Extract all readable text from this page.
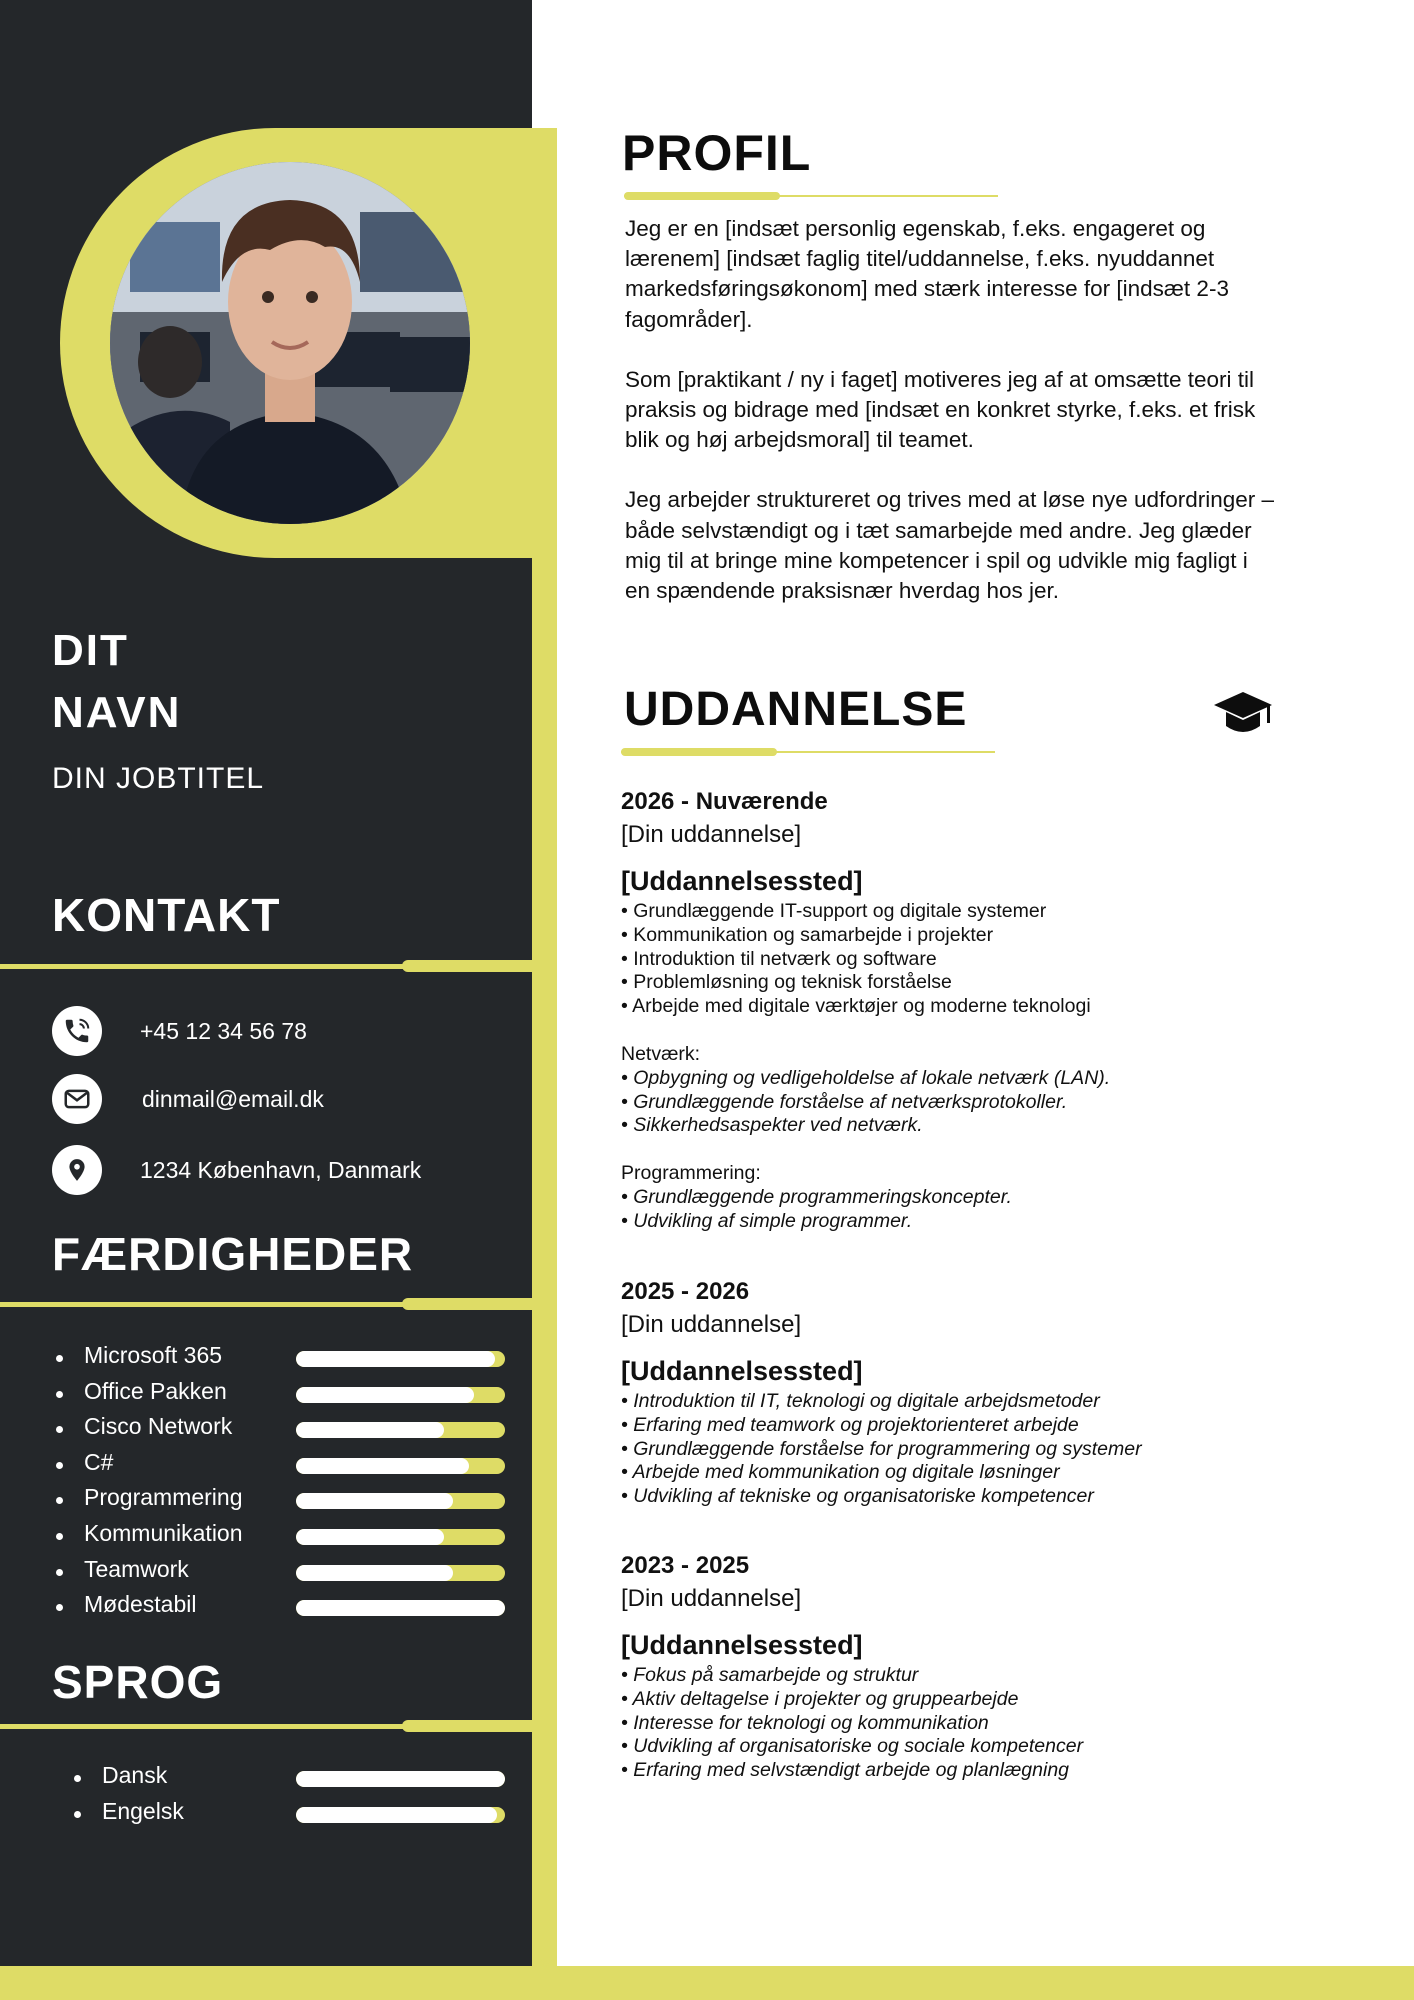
DIT
NAVN
DIN JOBTITEL
KONTAKT
+45 12 34 56 78
dinmail@email.dk
1234 København, Danmark
FÆRDIGHEDER
Microsoft 365
Office Pakken
Cisco Network
C#
Programmering
Kommunikation
Teamwork
Mødestabil
SPROG
Dansk
Engelsk
PROFIL

Jeg er en [indsæt personlig egenskab, f.eks. engageret og lærenem] [indsæt faglig titel/uddannelse, f.eks. nyuddannet markedsføringsøkonom] med stærk interesse for [indsæt 2-3 fagområder].

Som [praktikant / ny i faget] motiveres jeg af at omsætte teori til praksis og bidrage med [indsæt en konkret styrke, f.eks. et frisk blik og høj arbejdsmoral] til teamet.

Jeg arbejder struktureret og trives med at løse nye udfordringer – både selvstændigt og i tæt samarbejde med andre. Jeg glæder mig til at bringe mine kompetencer i spil og udvikle mig fagligt i en spændende praksisnær hverdag hos jer.

UDDANNELSE
2026 - Nuværende
[Din uddannelse]
[Uddannelsessted]
• Grundlæggende IT-support og digitale systemer
• Kommunikation og samarbejde i projekter
• Introduktion til netværk og software
• Problemløsning og teknisk forståelse
• Arbejde med digitale værktøjer og moderne teknologi
Netværk:
• Opbygning og vedligeholdelse af lokale netværk (LAN).
• Grundlæggende forståelse af netværksprotokoller.
• Sikkerhedsaspekter ved netværk.
Programmering:
• Grundlæggende programmeringskoncepter.
• Udvikling af simple programmer.
2025 - 2026
[Din uddannelse]
[Uddannelsessted]
• Introduktion til IT, teknologi og digitale arbejdsmetoder
• Erfaring med teamwork og projektorienteret arbejde
• Grundlæggende forståelse for programmering og systemer
• Arbejde med kommunikation og digitale løsninger
• Udvikling af tekniske og organisatoriske kompetencer
2023 - 2025
[Din uddannelse]
[Uddannelsessted]
• Fokus på samarbejde og struktur
• Aktiv deltagelse i projekter og gruppearbejde
• Interesse for teknologi og kommunikation
• Udvikling af organisatoriske og sociale kompetencer
• Erfaring med selvstændigt arbejde og planlægning
